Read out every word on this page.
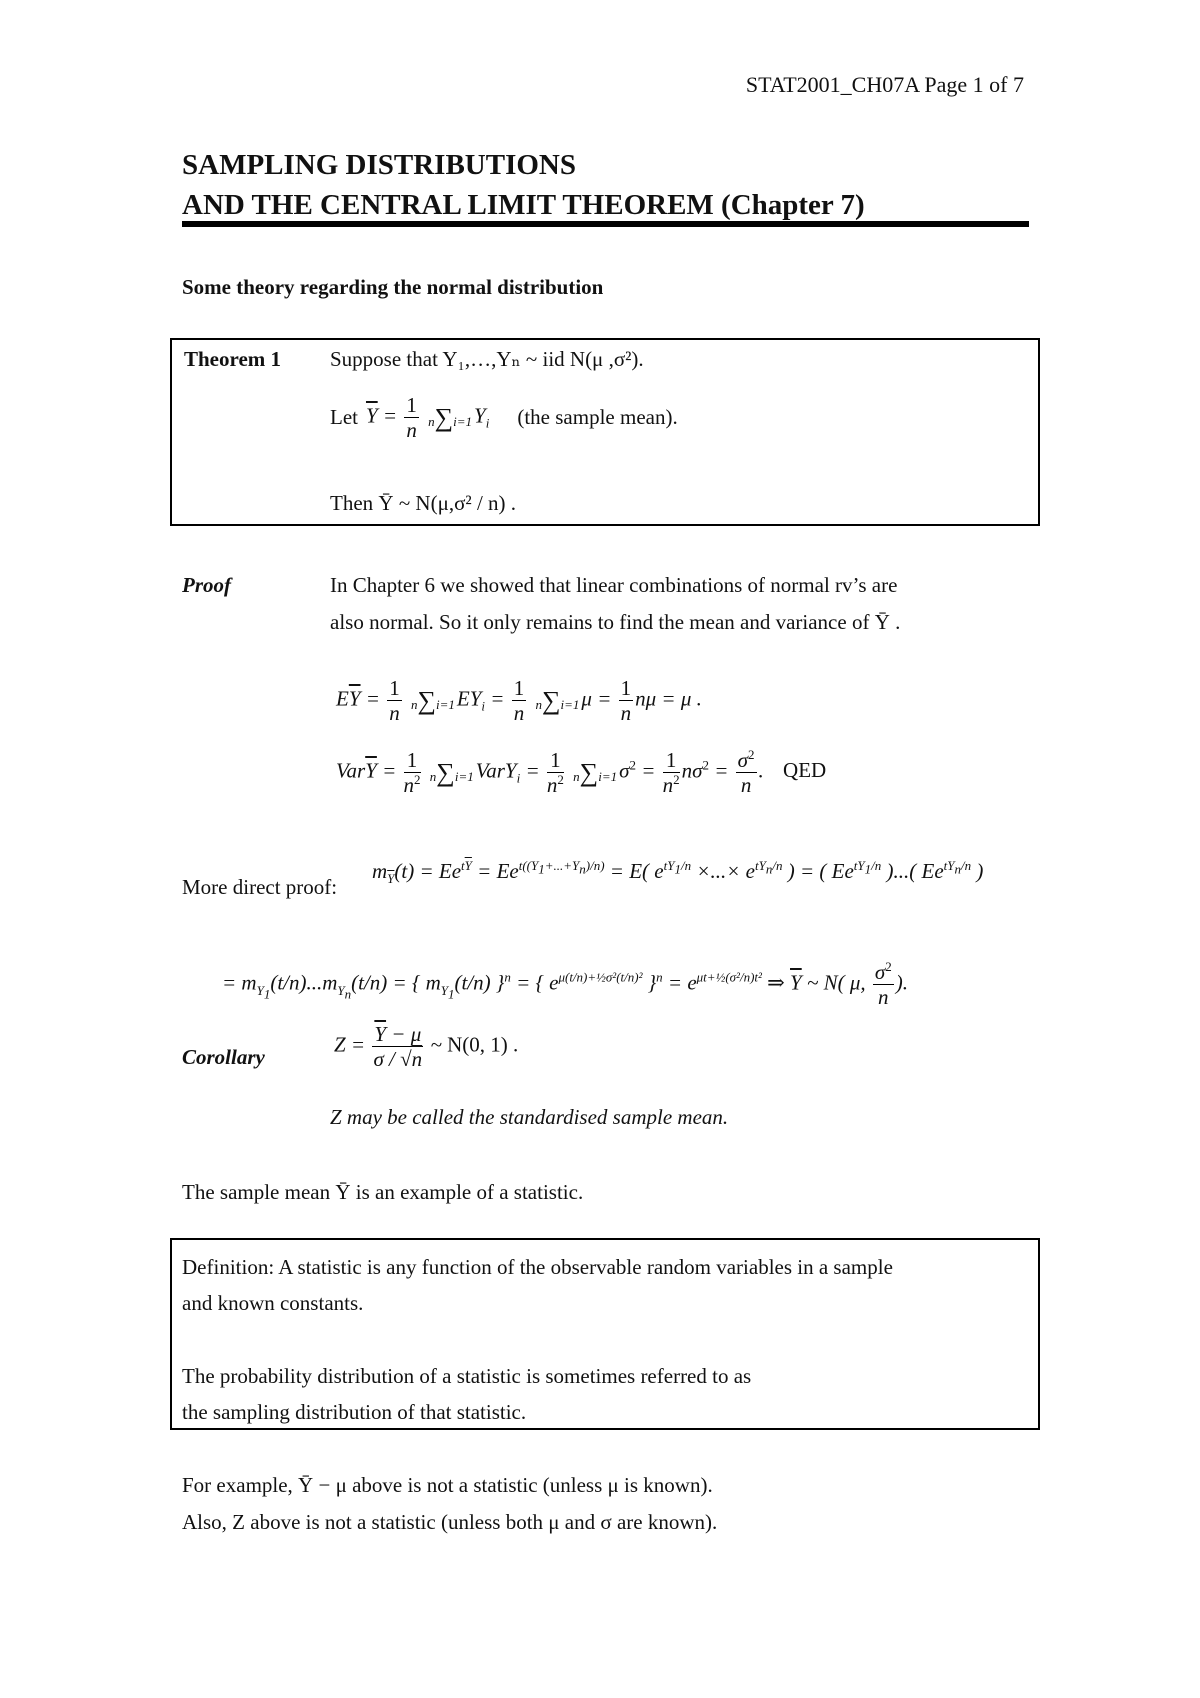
STAT2001_CH07A Page 1 of 7
SAMPLING DISTRIBUTIONS
AND THE CENTRAL LIMIT THEOREM (Chapter 7)
Some theory regarding the normal distribution
Theorem 1 Suppose that Y₁,…,Yₙ ~ iid N(μ ,σ²).
Let $\overline{Y} = \frac{1}{n} n\sum i=1Y_i$ (the sample mean).
Then Ȳ ~ N(μ,σ² / n) .
Proof	In Chapter 6 we showed that linear combinations of normal rv’s are
also normal. So it only remains to find the mean and variance of Ȳ .
$E\overline{Y} = \frac{1}{n} n\sum i=1EY_i = \frac{1}{n} n\sum i=1\mu = \frac{1}{n}$ nμ = μ .
$Var\overline{Y} = \frac{1}{n^2}$ n∑i=1VarY$_i$ = $\frac{1}{n^2} n\sum i=1\sigma^2 = \frac{1}{n^2} n\sigma^2 = \frac{\sigma^2}{n}$ . QED
More direct proof:
$m_{\overline{Y}}(t) = Ee^{t\overline{Y}} = Ee^{t((Y_1+...+Y_n)/n)} = E$( $e^{tY_1/n}$ ×...× $e^{tY_n/n}$ ) = ( $Ee^{tY_1/n}$ )...( $Ee^{tY_n/n}$ )
= $m_{Y_1}(t/n)...m_{Y_n}(t/n)$ = { $m_{Y_1}(t/n) \}^n$ = { $e^{\mu(t/n)+\frac{1}{2}\sigma^2(t/n)^2}$ }$^n = e^{\mu t+\frac{1}{2}(\sigma^2/n)t^2}$ ⇒ $\overline{Y}$ ~ N( μ, $\frac{\sigma^2}{n}$ ).
Corollary
$Z = \frac{\overline{Y} - \mu}{\sigma / √n}$ ~ N(0, 1) .
Z may be called the standardised sample mean.
The sample mean Ȳ is an example of a statistic.
Definition: A statistic is any function of the observable random variables in a sample
and known constants.
The probability distribution of a statistic is sometimes referred to as
the sampling distribution of that statistic.
For example, Ȳ − μ above is not a statistic (unless μ is known).
Also, Z above is not a statistic (unless both μ and σ are known).
